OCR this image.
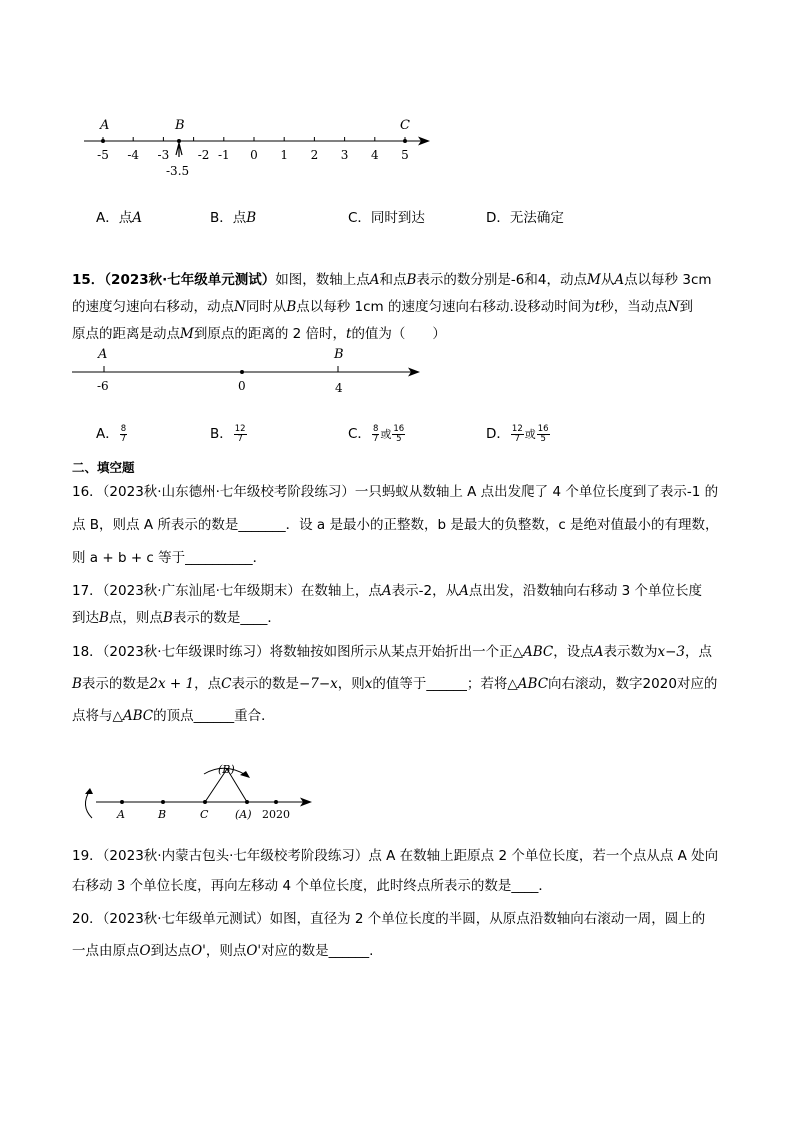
-5 -4 -3 -2 -1 0 1 2 3 4 5
A	B	C
-3.5
A．点A	B．点B	C．同时到达	D．无法确定
15．（2023秋·七年级单元测试）如图，数轴上点A和点B表示的数分别是-6和4，动点M从A点以每秒 3cm
的速度匀速向右移动，动点N同时从B点以每秒 1cm 的速度匀速向右移动.设移动时间为t秒，当动点N到
原点的距离是动点M到原点的距离的 2 倍时，t的值为（　　）
A	B
-6	0	4
A． $\frac{8}{7}$	B． $\frac{12}{7}$	C． $\frac{8}{7}$ 或 $\frac{16}{5}$	D． $\frac{12}{7}$ 或 $\frac{16}{5}$
二、填空题
16．（2023秋·山东德州·七年级校考阶段练习）一只蚂蚁从数轴上 A 点出发爬了 4 个单位长度到了表示-1 的
点 B，则点 A 所表示的数是_______．设 a 是最小的正整数，b 是最大的负整数，c 是绝对值最小的有理数，
则 a + b + c 等于__________．
17．（2023秋·广东汕尾·七年级期末）在数轴上，点A表示-2，从A点出发，沿数轴向右移动 3 个单位长度
到达B点，则点B表示的数是____．
18．（2023秋·七年级课时练习）将数轴按如图所示从某点开始折出一个正△ABC，设点A表示数为x−3，点
B表示的数是2x + 1，点C表示的数是−7−x，则x的值等于______；若将△ABC向右滚动，数字2020对应的
点将与△ABC的顶点______重合．
A	B	C (A)
(B)
2020
19．（2023秋·内蒙古包头·七年级校考阶段练习）点 A 在数轴上距原点 2 个单位长度，若一个点从点 A 处向
右移动 3 个单位长度，再向左移动 4 个单位长度，此时终点所表示的数是____．
20．（2023秋·七年级单元测试）如图，直径为 2 个单位长度的半圆，从原点沿数轴向右滚动一周，圆上的
一点由原点O到达点O'，则点O'对应的数是______.
